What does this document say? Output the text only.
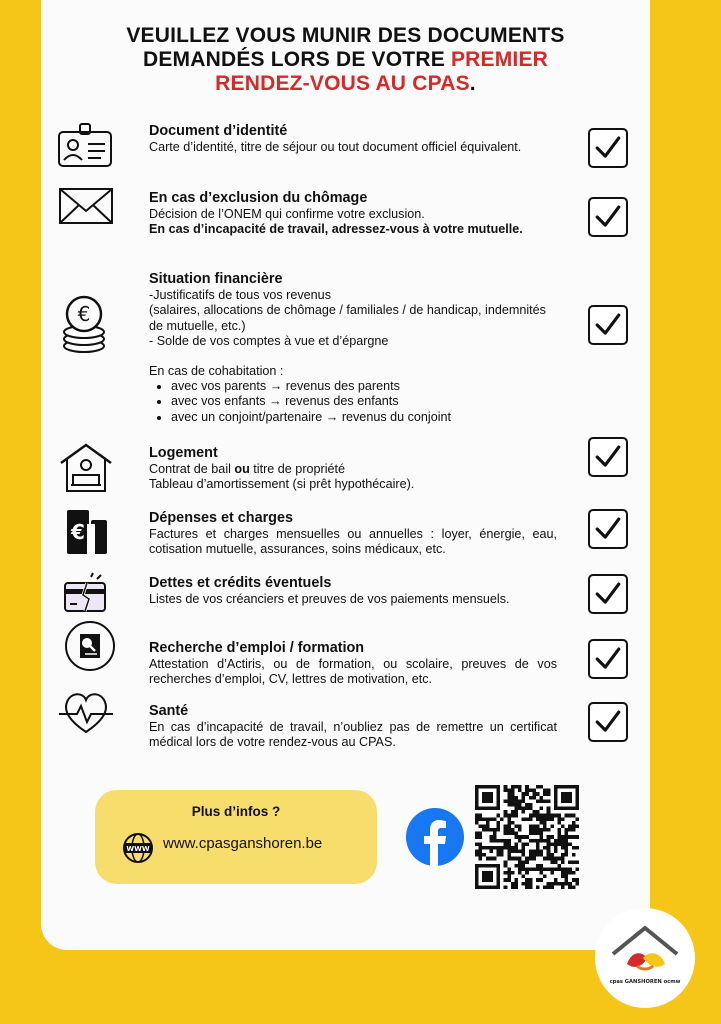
VEUILLEZ VOUS MUNIR DES DOCUMENTS
DEMANDÉS LORS DE VOTRE PREMIER
RENDEZ-VOUS AU CPAS.
Document d’identité

Carte d’identité, titre de séjour ou tout document officiel équivalent.

En cas d’exclusion du chômage

Décision de l’ONEM qui confirme votre exclusion.

En cas d’incapacité de travail, adressez-vous à votre mutuelle.

€
Situation financière

-Justificatifs de tous vos revenus

(salaires, allocations de chômage / familiales / de handicap, indemnités de mutuelle, etc.)

- Solde de vos comptes à vue et d’épargne

En cas de cohabitation :

• avec vos parents → revenus des parents
• avec vos enfants → revenus des enfants
• avec un conjoint/partenaire → revenus du conjoint
Logement

Contrat de bail ou titre de propriété

Tableau d’amortissement (si prêt hypothécaire).

€
Dépenses et charges

Factures et charges mensuelles ou annuelles : loyer, énergie, eau, cotisation mutuelle, assurances, soins médicaux, etc.

Dettes et crédits éventuels

Listes de vos créanciers et preuves de vos paiements mensuels.

Recherche d’emploi / formation

Attestation d’Actiris, ou de formation, ou scolaire, preuves de vos recherches d’emploi, CV, lettres de motivation, etc.

Santé

En cas d’incapacité de travail, n’oubliez pas de remettre un certificat médical lors de votre rendez-vous au CPAS.

Plus d’infos ?
WWW www.cpasganshoren.be
cpas GANSHOREN ocmw
